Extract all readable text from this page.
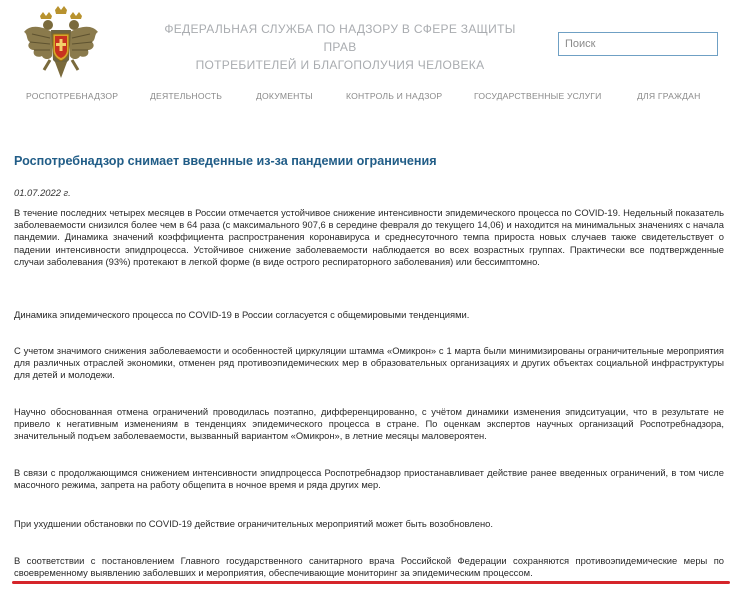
ФЕДЕРАЛЬНАЯ СЛУЖБА ПО НАДЗОРУ В СФЕРЕ ЗАЩИТЫ ПРАВ
ПОТРЕБИТЕЛЕЙ И БЛАГОПОЛУЧИЯ ЧЕЛОВЕКА
Поиск
РОСПОТРЕБНАДЗОР	ДЕЯТЕЛЬНОСТЬ	ДОКУМЕНТЫ	КОНТРОЛЬ И НАДЗОР	ГОСУДАРСТВЕННЫЕ УСЛУГИ	ДЛЯ ГРАЖДАН
Роспотребнадзор снимает введенные из-за пандемии ограничения
01.07.2022 г.

В течение последних четырех месяцев в России отмечается устойчивое снижение интенсивности эпидемического процесса по COVID-19. Недельный показатель заболеваемости снизился более чем в 64 раза (с максимального 907,6 в середине февраля до текущего 14,06) и находится на минимальных значениях с начала пандемии. Динамика значений коэффициента распространения коронавируса и среднесуточного темпа прироста новых случаев также свидетельствует о падении интенсивности эпидпроцесса. Устойчивое снижение заболеваемости наблюдается во всех возрастных группах. Практически все подтвержденные случаи заболевания (93%) протекают в легкой форме (в виде острого респираторного заболевания) или бессимптомно.

Динамика эпидемического процесса по COVID-19 в России согласуется с общемировыми тенденциями.

С учетом значимого снижения заболеваемости и особенностей циркуляции штамма «Омикрон» с 1 марта были минимизированы ограничительные мероприятия для различных отраслей экономики, отменен ряд противоэпидемических мер в образовательных организациях и других объектах социальной инфраструктуры для детей и молодежи.

Научно обоснованная отмена ограничений проводилась поэтапно, дифференцированно, с учётом динамики изменения эпидситуации, что в результате не привело к негативным изменениям в тенденциях эпидемического процесса в стране. По оценкам экспертов научных организаций Роспотребнадзора, значительный подъем заболеваемости, вызванный вариантом «Омикрон», в летние месяцы маловероятен.

В связи с продолжающимся снижением интенсивности эпидпроцесса Роспотребнадзор приостанавливает действие ранее введенных ограничений, в том числе масочного режима, запрета на работу общепита в ночное время и ряда других мер.

При ухудшении обстановки по COVID-19 действие ограничительных мероприятий может быть возобновлено.

В соответствии с постановлением Главного государственного санитарного врача Российской Федерации сохраняются противоэпидемические меры по своевременному выявлению заболевших и мероприятия, обеспечивающие мониторинг за эпидемическим процессом.
